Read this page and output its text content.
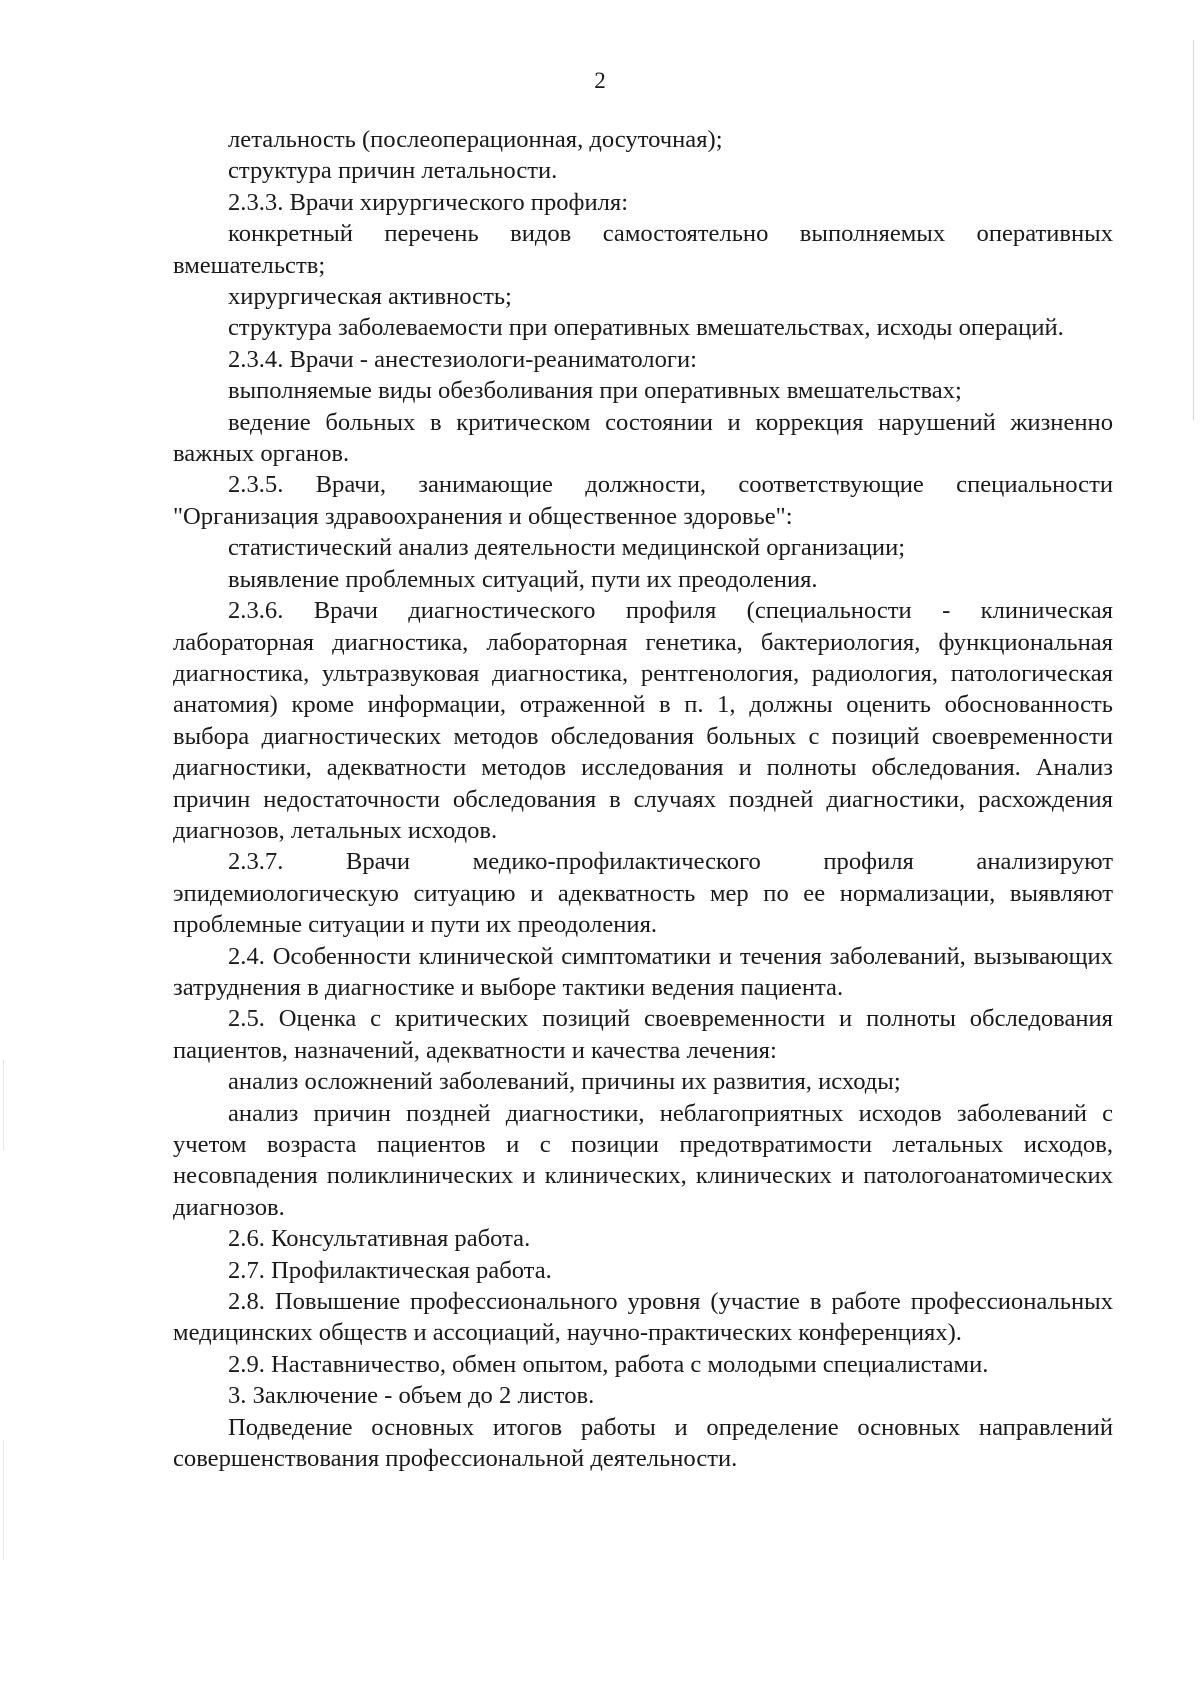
2

летальность (послеоперационная, досуточная);

структура причин летальности.

2.3.3. Врачи хирургического профиля:

конкретный перечень видов самостоятельно выполняемых оперативных вмешательств;

хирургическая активность;

структура заболеваемости при оперативных вмешательствах, исходы операций.

2.3.4. Врачи - анестезиологи-реаниматологи:

выполняемые виды обезболивания при оперативных вмешательствах;

ведение больных в критическом состоянии и коррекция нарушений жизненно важных органов.

2.3.5. Врачи, занимающие должности, соответствующие специальности "Организация здравоохранения и общественное здоровье":

статистический анализ деятельности медицинской организации;

выявление проблемных ситуаций, пути их преодоления.

2.3.6. Врачи диагностического профиля (специальности - клиническая лабораторная диагностика, лабораторная генетика, бактериология, функциональная диагностика, ультразвуковая диагностика, рентгенология, радиология, патологическая анатомия) кроме информации, отраженной в п. 1, должны оценить обоснованность выбора диагностических методов обследования больных с позиций своевременности диагностики, адекватности методов исследования и полноты обследования. Анализ причин недостаточности обследования в случаях поздней диагностики, расхождения диагнозов, летальных исходов.

2.3.7. Врачи медико-профилактического профиля анализируют эпидемиологическую ситуацию и адекватность мер по ее нормализации, выявляют проблемные ситуации и пути их преодоления.

2.4. Особенности клинической симптоматики и течения заболеваний, вызывающих затруднения в диагностике и выборе тактики ведения пациента.

2.5. Оценка с критических позиций своевременности и полноты обследования пациентов, назначений, адекватности и качества лечения:

анализ осложнений заболеваний, причины их развития, исходы;

анализ причин поздней диагностики, неблагоприятных исходов заболеваний с учетом возраста пациентов и с позиции предотвратимости летальных исходов, несовпадения поликлинических и клинических, клинических и патологоанатомических диагнозов.

2.6. Консультативная работа.

2.7. Профилактическая работа.

2.8. Повышение профессионального уровня (участие в работе профессиональных медицинских обществ и ассоциаций, научно-практических конференциях).

2.9. Наставничество, обмен опытом, работа с молодыми специалистами.

3. Заключение - объем до 2 листов.

Подведение основных итогов работы и определение основных направлений совершенствования профессиональной деятельности.
